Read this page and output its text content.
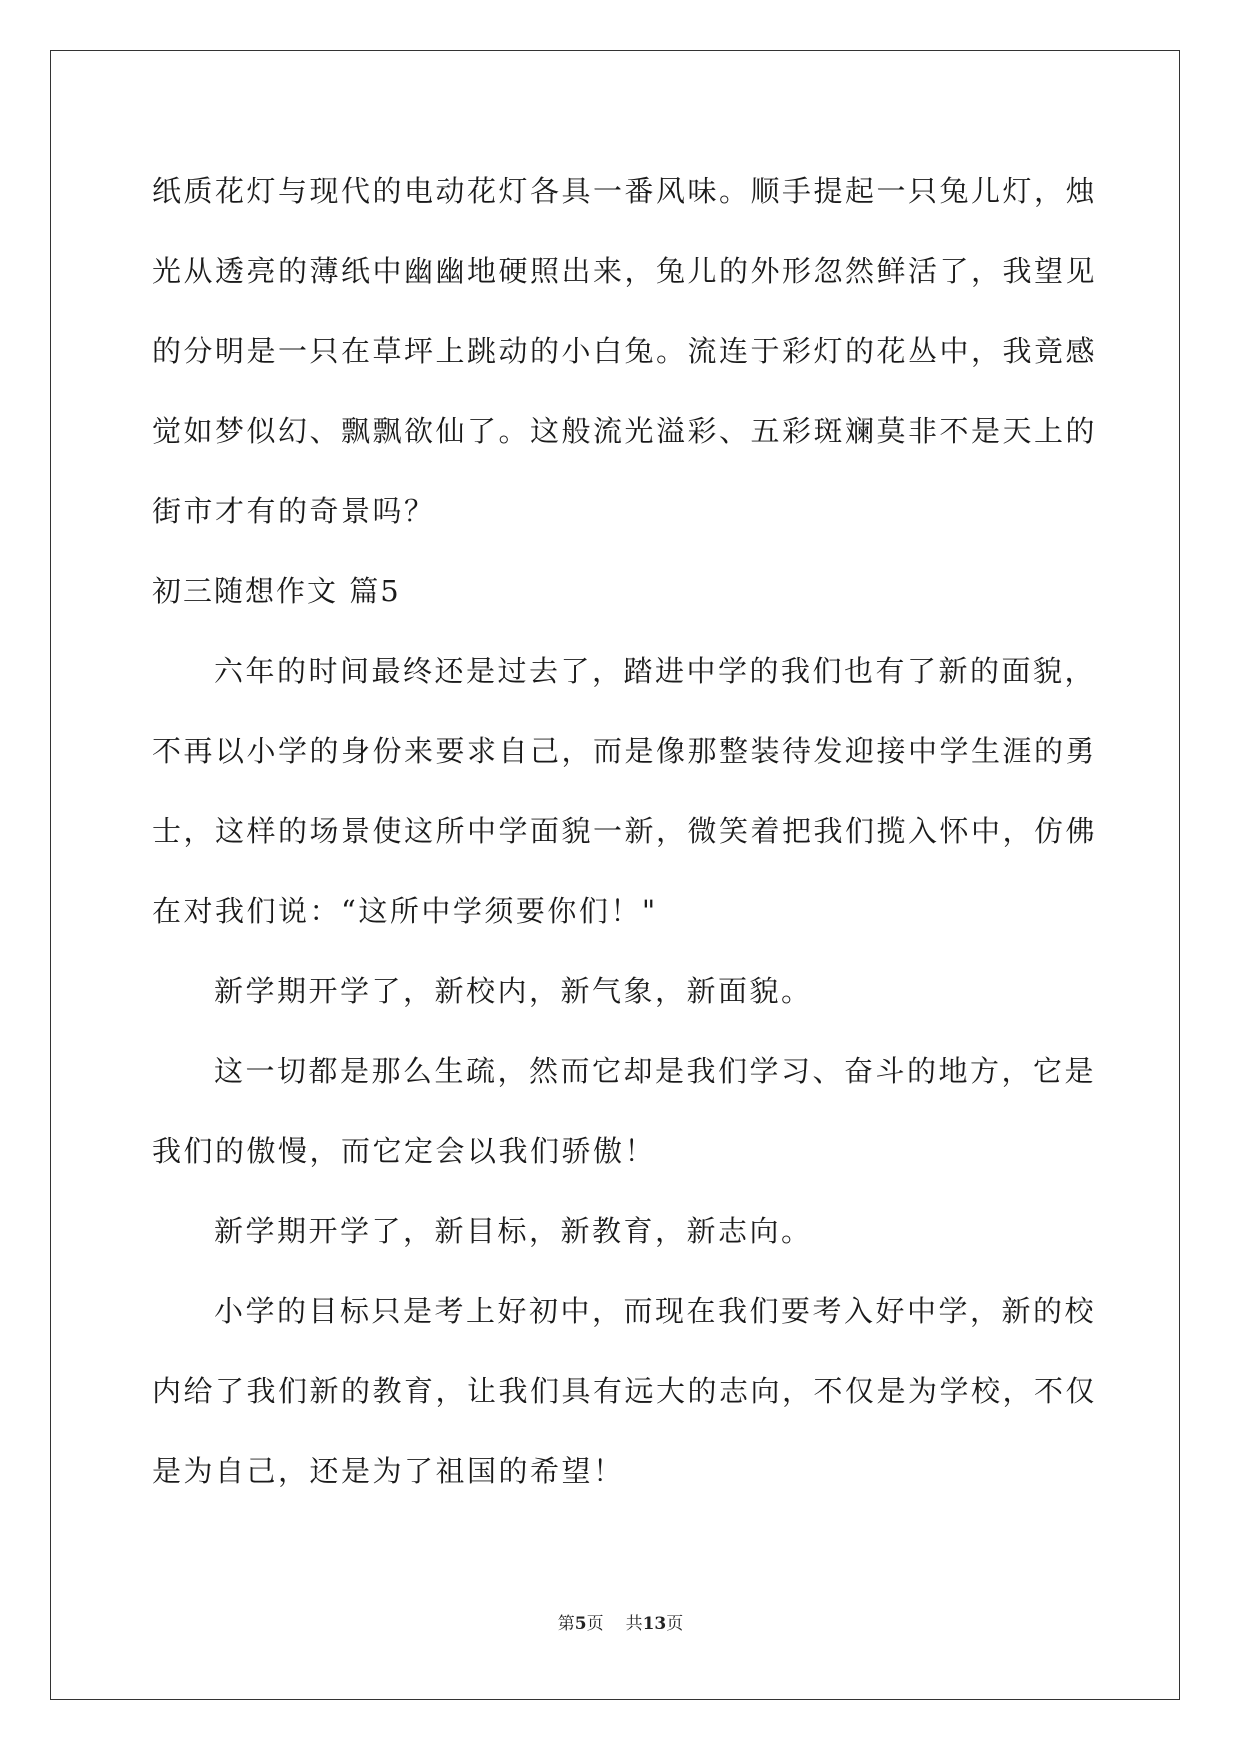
纸质花灯与现代的电动花灯各具一番风味。顺手提起一只兔儿灯，烛
光从透亮的薄纸中幽幽地硬照出来，兔儿的外形忽然鲜活了，我望见
的分明是一只在草坪上跳动的小白兔。流连于彩灯的花丛中，我竟感
觉如梦似幻、飘飘欲仙了。这般流光溢彩、五彩斑斓莫非不是天上的
街市才有的奇景吗？
初三随想作文 篇5
六年的时间最终还是过去了，踏进中学的我们也有了新的面貌，
不再以小学的身份来要求自己，而是像那整装待发迎接中学生涯的勇
士，这样的场景使这所中学面貌一新，微笑着把我们揽入怀中，仿佛
在对我们说：“这所中学须要你们！"
新学期开学了，新校内，新气象，新面貌。
这一切都是那么生疏，然而它却是我们学习、奋斗的地方，它是
我们的傲慢，而它定会以我们骄傲！
新学期开学了，新目标，新教育，新志向。
小学的目标只是考上好初中，而现在我们要考入好中学，新的校
内给了我们新的教育，让我们具有远大的志向，不仅是为学校，不仅
是为自己，还是为了祖国的希望！
第5页 共13页
